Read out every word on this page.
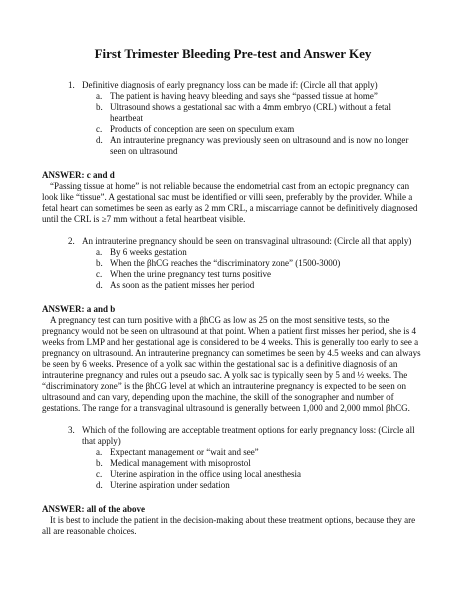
First Trimester Bleeding Pre-test and Answer Key
1. Definitive diagnosis of early pregnancy loss can be made if: (Circle all that apply)
a. The patient is having heavy bleeding and says she “passed tissue at home”
b. Ultrasound shows a gestational sac with a 4mm embryo (CRL) without a fetal heartbeat
c. Products of conception are seen on speculum exam
d. An intrauterine pregnancy was previously seen on ultrasound and is now no longer seen on ultrasound
ANSWER: c and d

“Passing tissue at home” is not reliable because the endometrial cast from an ectopic pregnancy can look like “tissue”. A gestational sac must be identified or villi seen, preferably by the provider. While a fetal heart can sometimes be seen as early as 2 mm CRL, a miscarriage cannot be definitively diagnosed until the CRL is ≥7 mm without a fetal heartbeat visible.

2. An intrauterine pregnancy should be seen on transvaginal ultrasound: (Circle all that apply)
a. By 6 weeks gestation
b. When the βhCG reaches the “discriminatory zone” (1500-3000)
c. When the urine pregnancy test turns positive
d. As soon as the patient misses her period
ANSWER: a and b

A pregnancy test can turn positive with a βhCG as low as 25 on the most sensitive tests, so the pregnancy would not be seen on ultrasound at that point. When a patient first misses her period, she is 4 weeks from LMP and her gestational age is considered to be 4 weeks. This is generally too early to see a pregnancy on ultrasound. An intrauterine pregnancy can sometimes be seen by 4.5 weeks and can always be seen by 6 weeks. Presence of a yolk sac within the gestational sac is a definitive diagnosis of an intrauterine pregnancy and rules out a pseudo sac. A yolk sac is typically seen by 5 and ½ weeks. The “discriminatory zone” is the βhCG level at which an intrauterine pregnancy is expected to be seen on ultrasound and can vary, depending upon the machine, the skill of the sonographer and number of gestations. The range for a transvaginal ultrasound is generally between 1,000 and 2,000 mmol βhCG.

3. Which of the following are acceptable treatment options for early pregnancy loss: (Circle all that apply)
a. Expectant management or “wait and see”
b. Medical management with misoprostol
c. Uterine aspiration in the office using local anesthesia
d. Uterine aspiration under sedation
ANSWER: all of the above

It is best to include the patient in the decision-making about these treatment options, because they are all are reasonable choices.
